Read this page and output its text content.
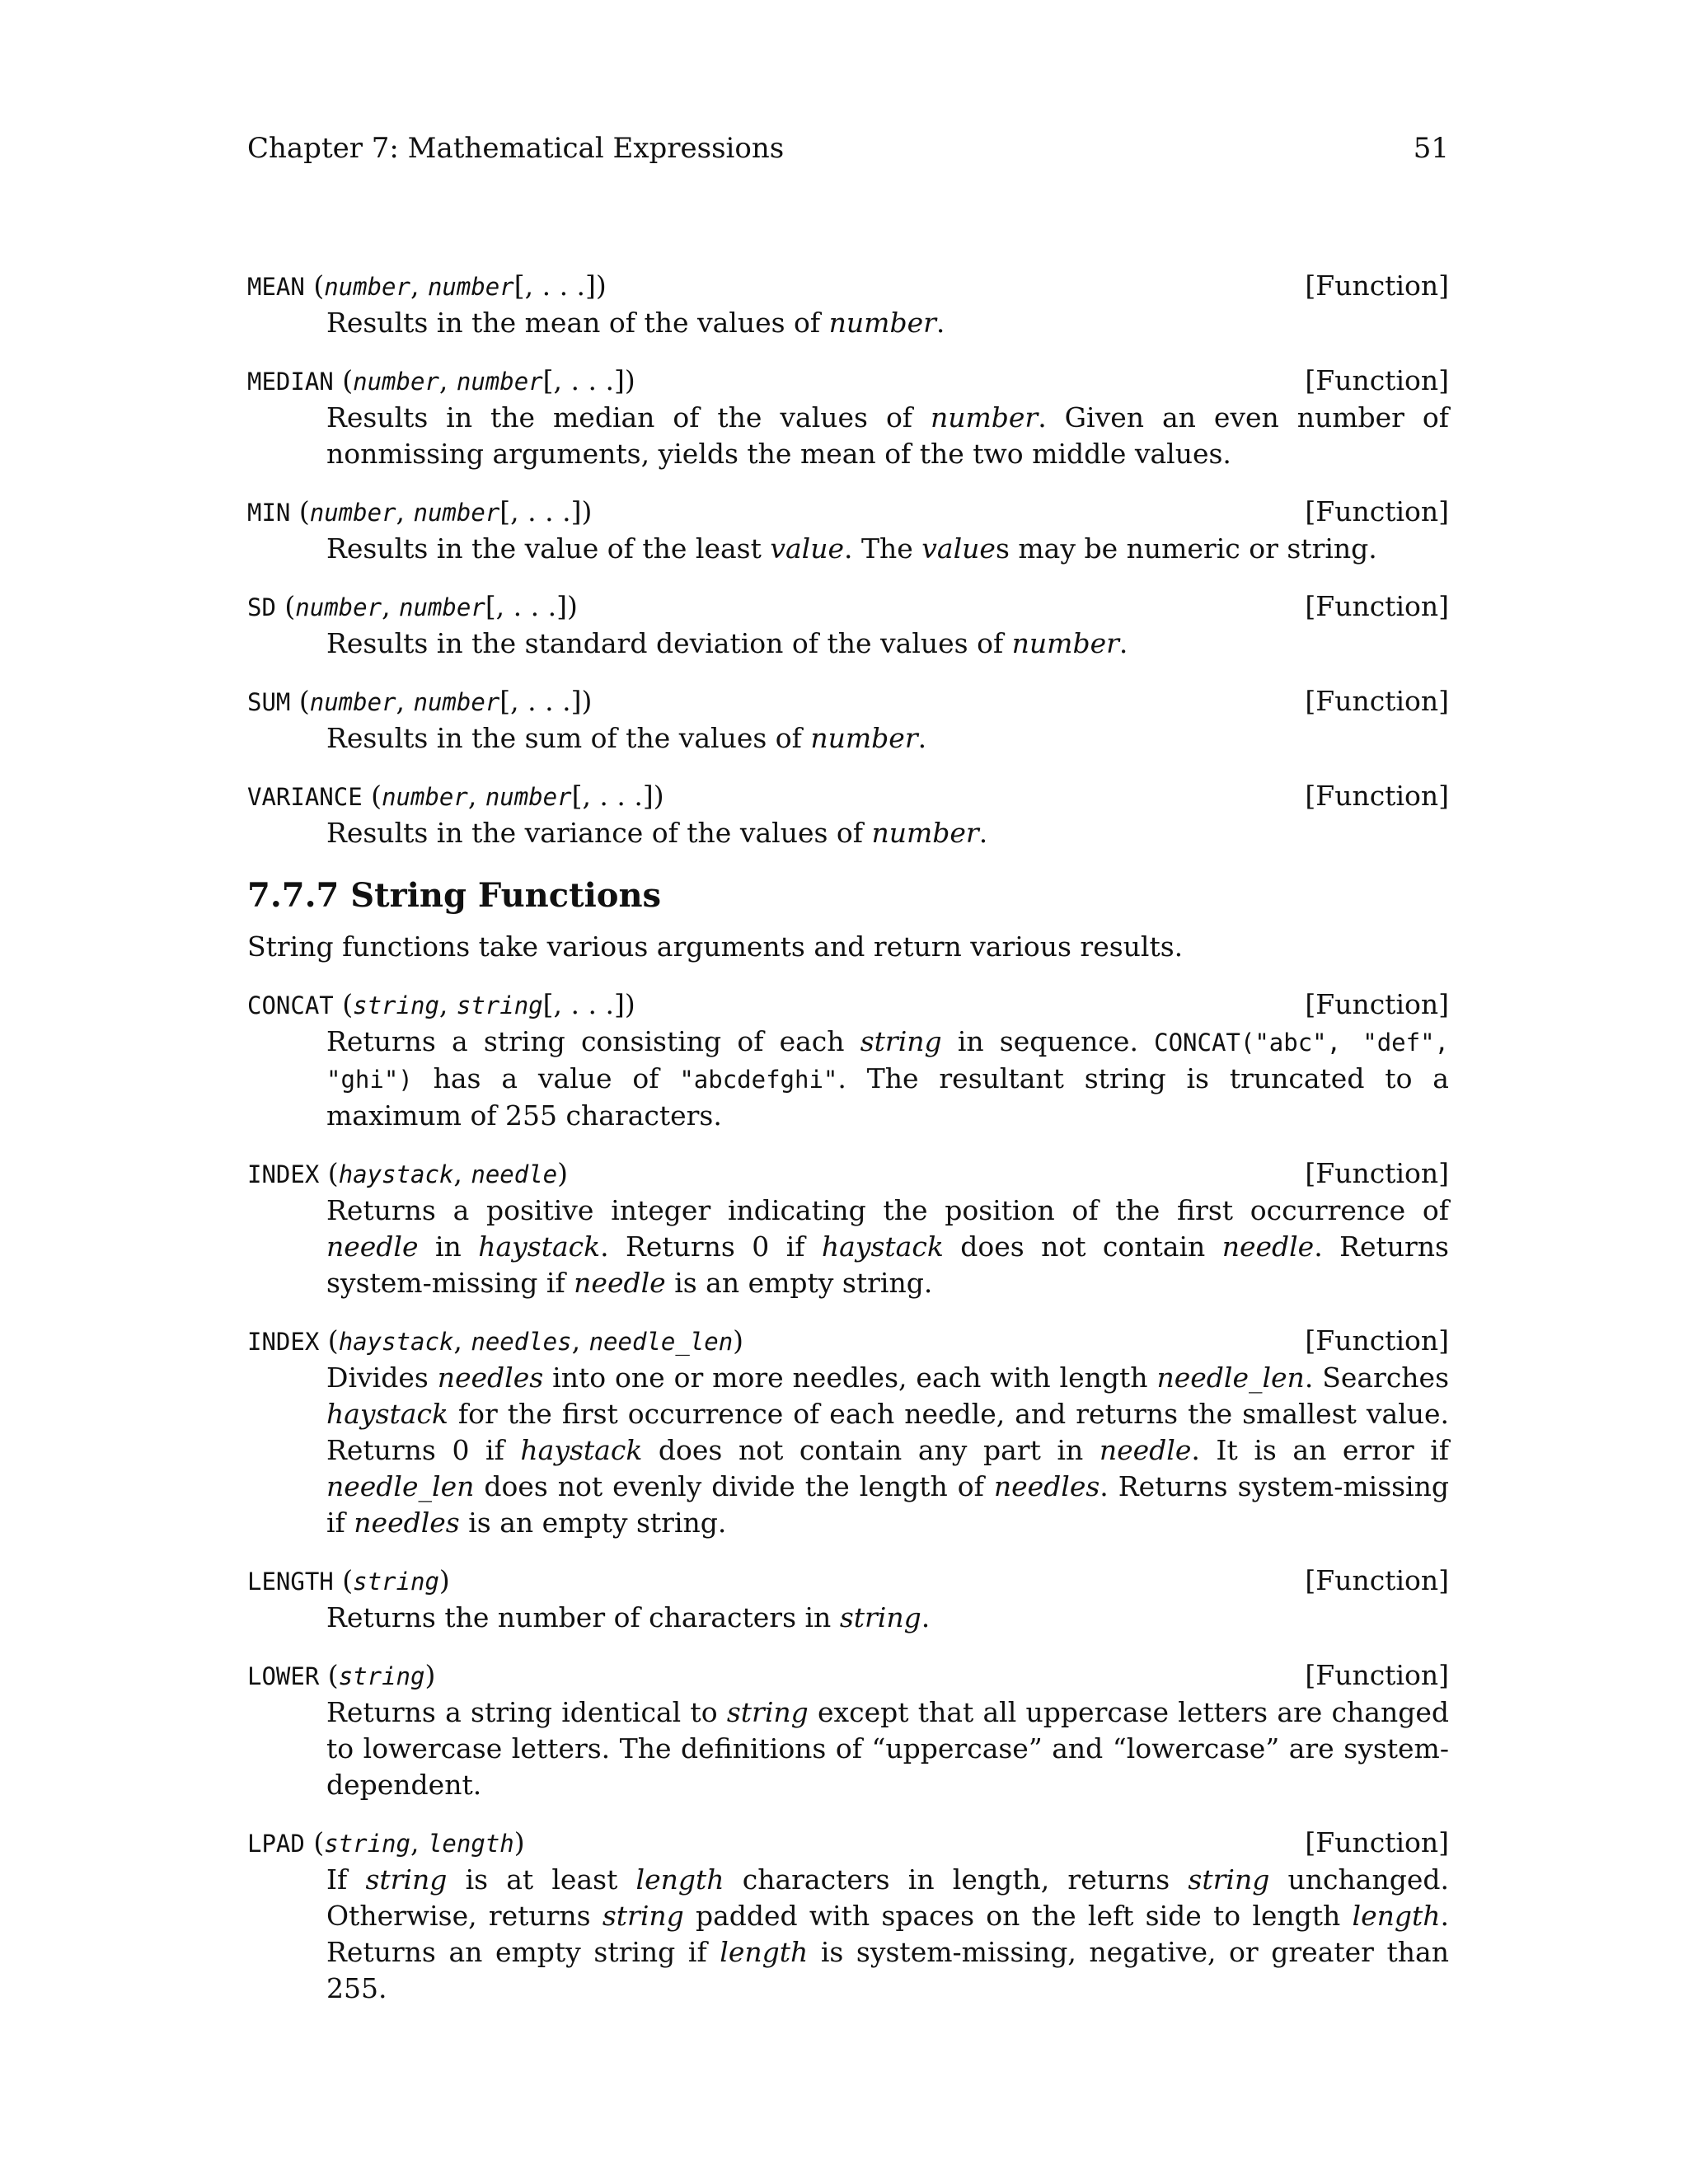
Chapter 7: Mathematical Expressions	51
MEAN (number, number[, . . .])	[Function]
Results in the mean of the values of number.
MEDIAN (number, number[, . . .])	[Function]
Results in the median of the values of number. Given an even number of nonmissing arguments, yields the mean of the two middle values.
MIN (number, number[, . . .])	[Function]
Results in the value of the least value. The values may be numeric or string.
SD (number, number[, . . .])	[Function]
Results in the standard deviation of the values of number.
SUM (number, number[, . . .])	[Function]
Results in the sum of the values of number.
VARIANCE (number, number[, . . .])	[Function]
Results in the variance of the values of number.
7.7.7 String Functions
String functions take various arguments and return various results.
CONCAT (string, string[, . . .])	[Function]
Returns a string consisting of each string in sequence. CONCAT("abc", "def", "ghi") has a value of "abcdefghi". The resultant string is truncated to a maximum of 255 characters.
INDEX (haystack, needle)	[Function]
Returns a positive integer indicating the position of the first occurrence of needle in haystack. Returns 0 if haystack does not contain needle. Returns system-missing if needle is an empty string.
INDEX (haystack, needles, needle_len)	[Function]
Divides needles into one or more needles, each with length needle_len. Searches haystack for the first occurrence of each needle, and returns the smallest value. Returns 0 if haystack does not contain any part in needle. It is an error if needle_len does not evenly divide the length of needles. Returns system-missing if needles is an empty string.
LENGTH (string)	[Function]
Returns the number of characters in string.
LOWER (string)	[Function]
Returns a string identical to string except that all uppercase letters are changed to lowercase letters. The definitions of “uppercase” and “lowercase” are system-dependent.
LPAD (string, length)	[Function]
If string is at least length characters in length, returns string unchanged. Otherwise, returns string padded with spaces on the left side to length length. Returns an empty string if length is system-missing, negative, or greater than 255.
